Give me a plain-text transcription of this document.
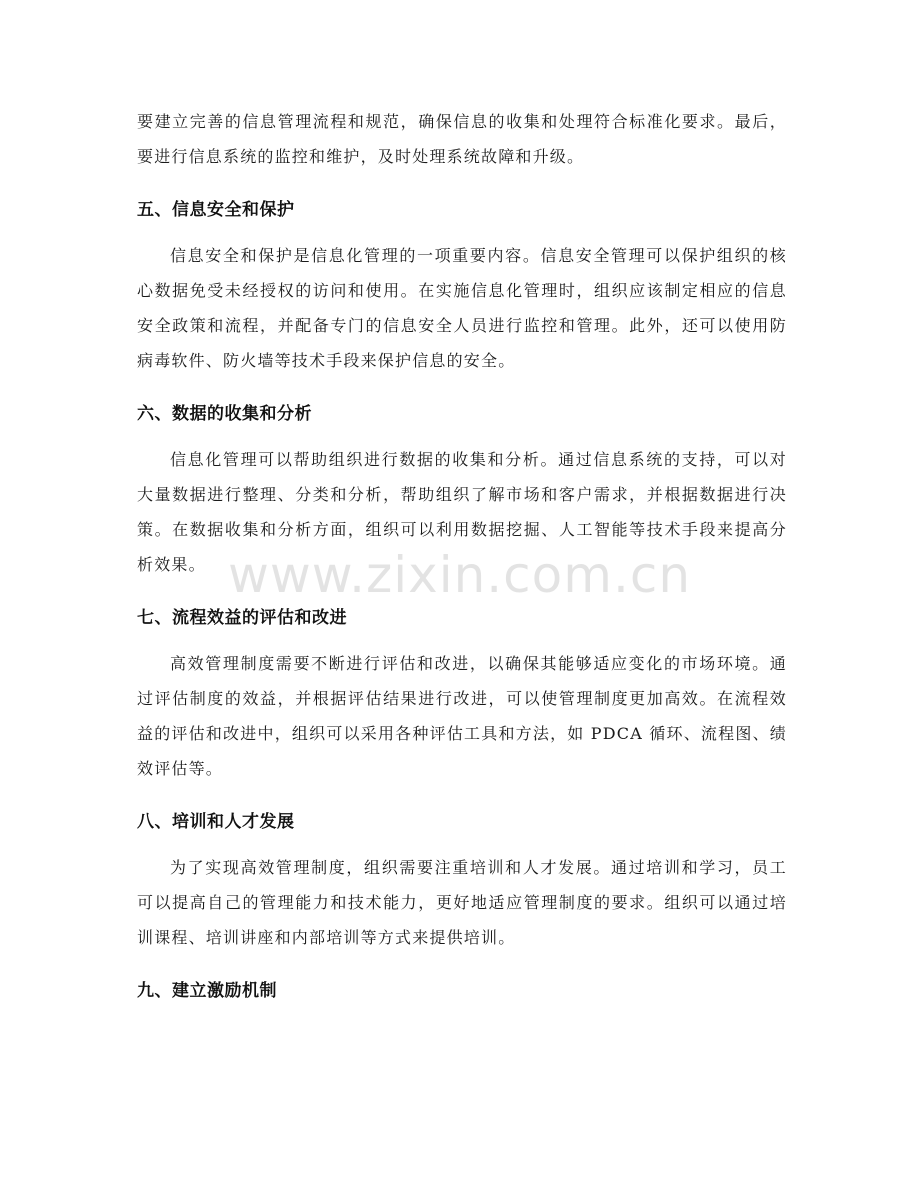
要建立完善的信息管理流程和规范，确保信息的收集和处理符合标准化要求。最后，要进行信息系统的监控和维护，及时处理系统故障和升级。

五、信息安全和保护

信息安全和保护是信息化管理的一项重要内容。信息安全管理可以保护组织的核心数据免受未经授权的访问和使用。在实施信息化管理时，组织应该制定相应的信息安全政策和流程，并配备专门的信息安全人员进行监控和管理。此外，还可以使用防病毒软件、防火墙等技术手段来保护信息的安全。

六、数据的收集和分析

信息化管理可以帮助组织进行数据的收集和分析。通过信息系统的支持，可以对大量数据进行整理、分类和分析，帮助组织了解市场和客户需求，并根据数据进行决策。在数据收集和分析方面，组织可以利用数据挖掘、人工智能等技术手段来提高分析效果。

七、流程效益的评估和改进

高效管理制度需要不断进行评估和改进，以确保其能够适应变化的市场环境。通过评估制度的效益，并根据评估结果进行改进，可以使管理制度更加高效。在流程效益的评估和改进中，组织可以采用各种评估工具和方法，如 PDCA 循环、流程图、绩效评估等。

八、培训和人才发展

为了实现高效管理制度，组织需要注重培训和人才发展。通过培训和学习，员工可以提高自己的管理能力和技术能力，更好地适应管理制度的要求。组织可以通过培训课程、培训讲座和内部培训等方式来提供培训。

九、建立激励机制
www.zixin.com.cn
